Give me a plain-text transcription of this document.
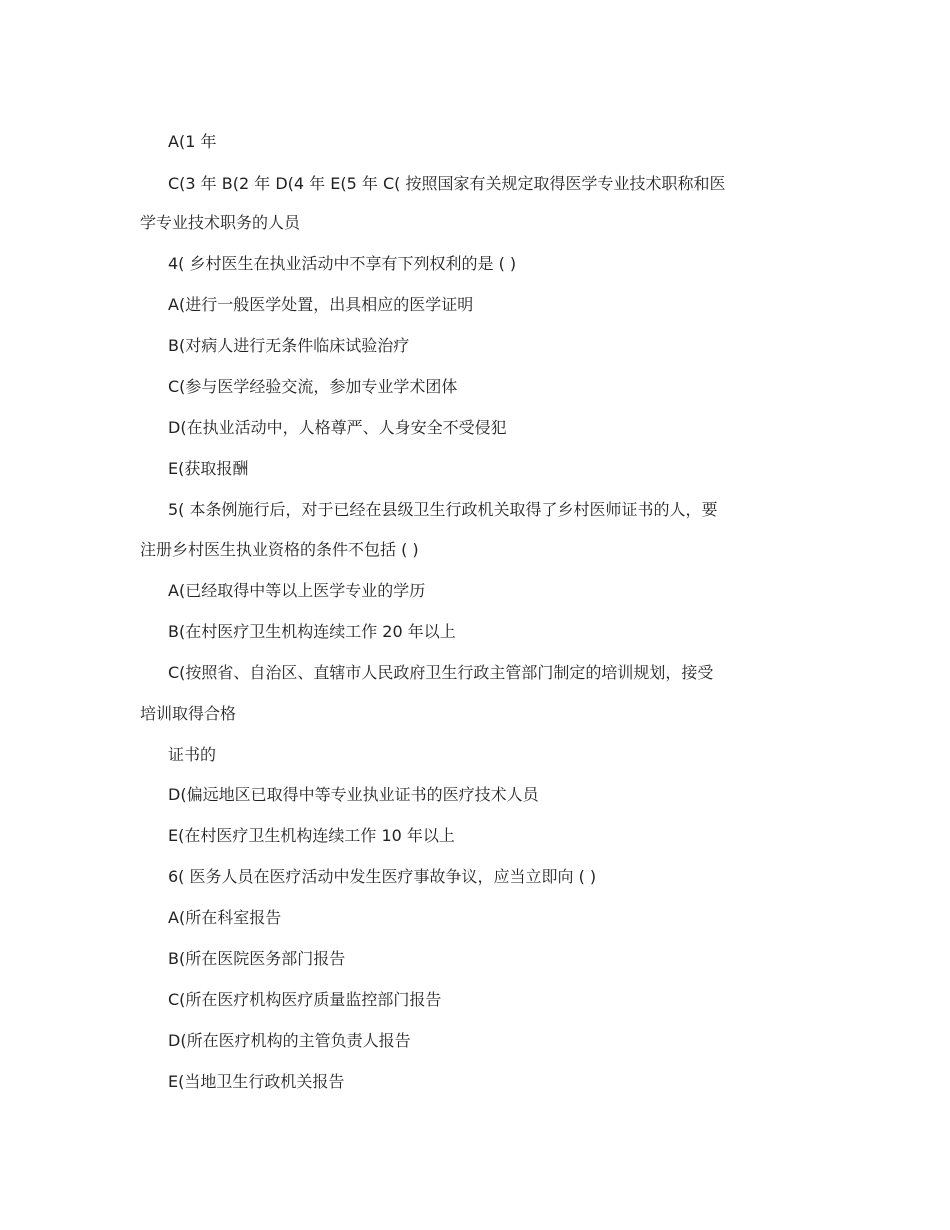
A(1 年
C(3 年 B(2 年 D(4 年 E(5 年 C( 按照国家有关规定取得医学专业技术职称和医
学专业技术职务的人员
4( 乡村医生在执业活动中不享有下列权利的是 ( )
A(进行一般医学处置，出具相应的医学证明
B(对病人进行无条件临床试验治疗
C(参与医学经验交流，参加专业学术团体
D(在执业活动中，人格尊严、人身安全不受侵犯
E(获取报酬
5( 本条例施行后，对于已经在县级卫生行政机关取得了乡村医师证书的人，要
注册乡村医生执业资格的条件不包括 ( )
A(已经取得中等以上医学专业的学历
B(在村医疗卫生机构连续工作 20 年以上
C(按照省、自治区、直辖市人民政府卫生行政主管部门制定的培训规划，接受
培训取得合格
证书的
D(偏远地区已取得中等专业执业证书的医疗技术人员
E(在村医疗卫生机构连续工作 10 年以上
6( 医务人员在医疗活动中发生医疗事故争议，应当立即向 ( )
A(所在科室报告
B(所在医院医务部门报告
C(所在医疗机构医疗质量监控部门报告
D(所在医疗机构的主管负责人报告
E(当地卫生行政机关报告
